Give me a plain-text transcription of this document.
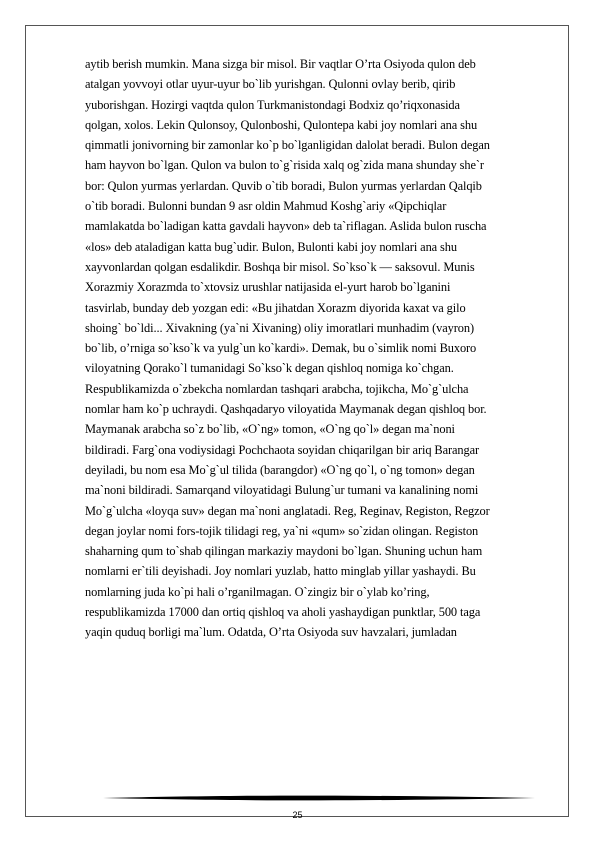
aytib berish mumkin. Mana sizga bir misol. Bir vaqtlar O’rta Osiyoda qulon deb
atalgan yovvoyi otlar uyur-uyur bo`lib yurishgan. Qulonni ovlay berib, qirib
yuborishgan. Hozirgi vaqtda qulon Turkmanistondagi Bodxiz qo’riqxonasida
qolgan, xolos. Lekin Qulonsoy, Qulonboshi, Qulontepa kabi joy nomlari ana shu
qimmatli jonivorning bir zamonlar ko`p bo`lganligidan dalolat beradi. Bulon degan
ham hayvon bo`lgan. Qulon va bulon to`g`risida xalq og`zida mana shunday she`r
bor: Qulon yurmas yerlardan. Quvib o`tib boradi, Bulon yurmas yerlardan Qalqib
o`tib boradi. Bulonni bundan 9 asr oldin Mahmud Koshg`ariy «Qipchiqlar
mamlakatda bo`ladigan katta gavdali hayvon» deb ta`riflagan. Aslida bulon ruscha
«los» deb ataladigan katta bug`udir. Bulon, Bulonti kabi joy nomlari ana shu
xayvonlardan qolgan esdalikdir. Boshqa bir misol. So`kso`k — saksovul. Munis
Xorazmiy Xorazmda to`xtovsiz urushlar natijasida el-yurt harob bo`lganini
tasvirlab, bunday deb yozgan edi: «Bu jihatdan Xorazm diyorida kaxat va gilo
shoing` bo`ldi... Xivakning (ya`ni Xivaning) oliy imoratlari munhadim (vayron)
bo`lib, o’rniga so`kso`k va yulg`un ko`kardi». Demak, bu o`simlik nomi Buxoro
viloyatning Qorako`l tumanidagi So`kso`k degan qishloq nomiga ko`chgan.
Respublikamizda o`zbekcha nomlardan tashqari arabcha, tojikcha, Mo`g`ulcha
nomlar ham ko`p uchraydi. Qashqadaryo viloyatida Maymanak degan qishloq bor.
Maymanak arabcha so`z bo`lib, «O`ng» tomon, «O`ng qo`l» degan ma`noni
bildiradi. Farg`ona vodiysidagi Pochchaota soyidan chiqarilgan bir ariq Barangar
deyiladi, bu nom esa Mo`g`ul tilida (barangdor) «O`ng qo`l, o`ng tomon» degan
ma`noni bildiradi. Samarqand viloyatidagi Bulung`ur tumani va kanalining nomi
Mo`g`ulcha «loyqa suv» degan ma`noni anglatadi. Reg, Reginav, Registon, Regzor
degan joylar nomi fors-tojik tilidagi reg, ya`ni «qum» so`zidan olingan. Registon
shaharning qum to`shab qilingan markaziy maydoni bo`lgan. Shuning uchun ham
nomlarni er`tili deyishadi. Joy nomlari yuzlab, hatto minglab yillar yashaydi. Bu
nomlarning juda ko`pi hali o’rganilmagan. O`zingiz bir o`ylab ko’ring,
respublikamizda 17000 dan ortiq qishloq va aholi yashaydigan punktlar, 500 taga
yaqin quduq borligi ma`lum. Odatda, O’rta Osiyoda suv havzalari, jumladan
25
